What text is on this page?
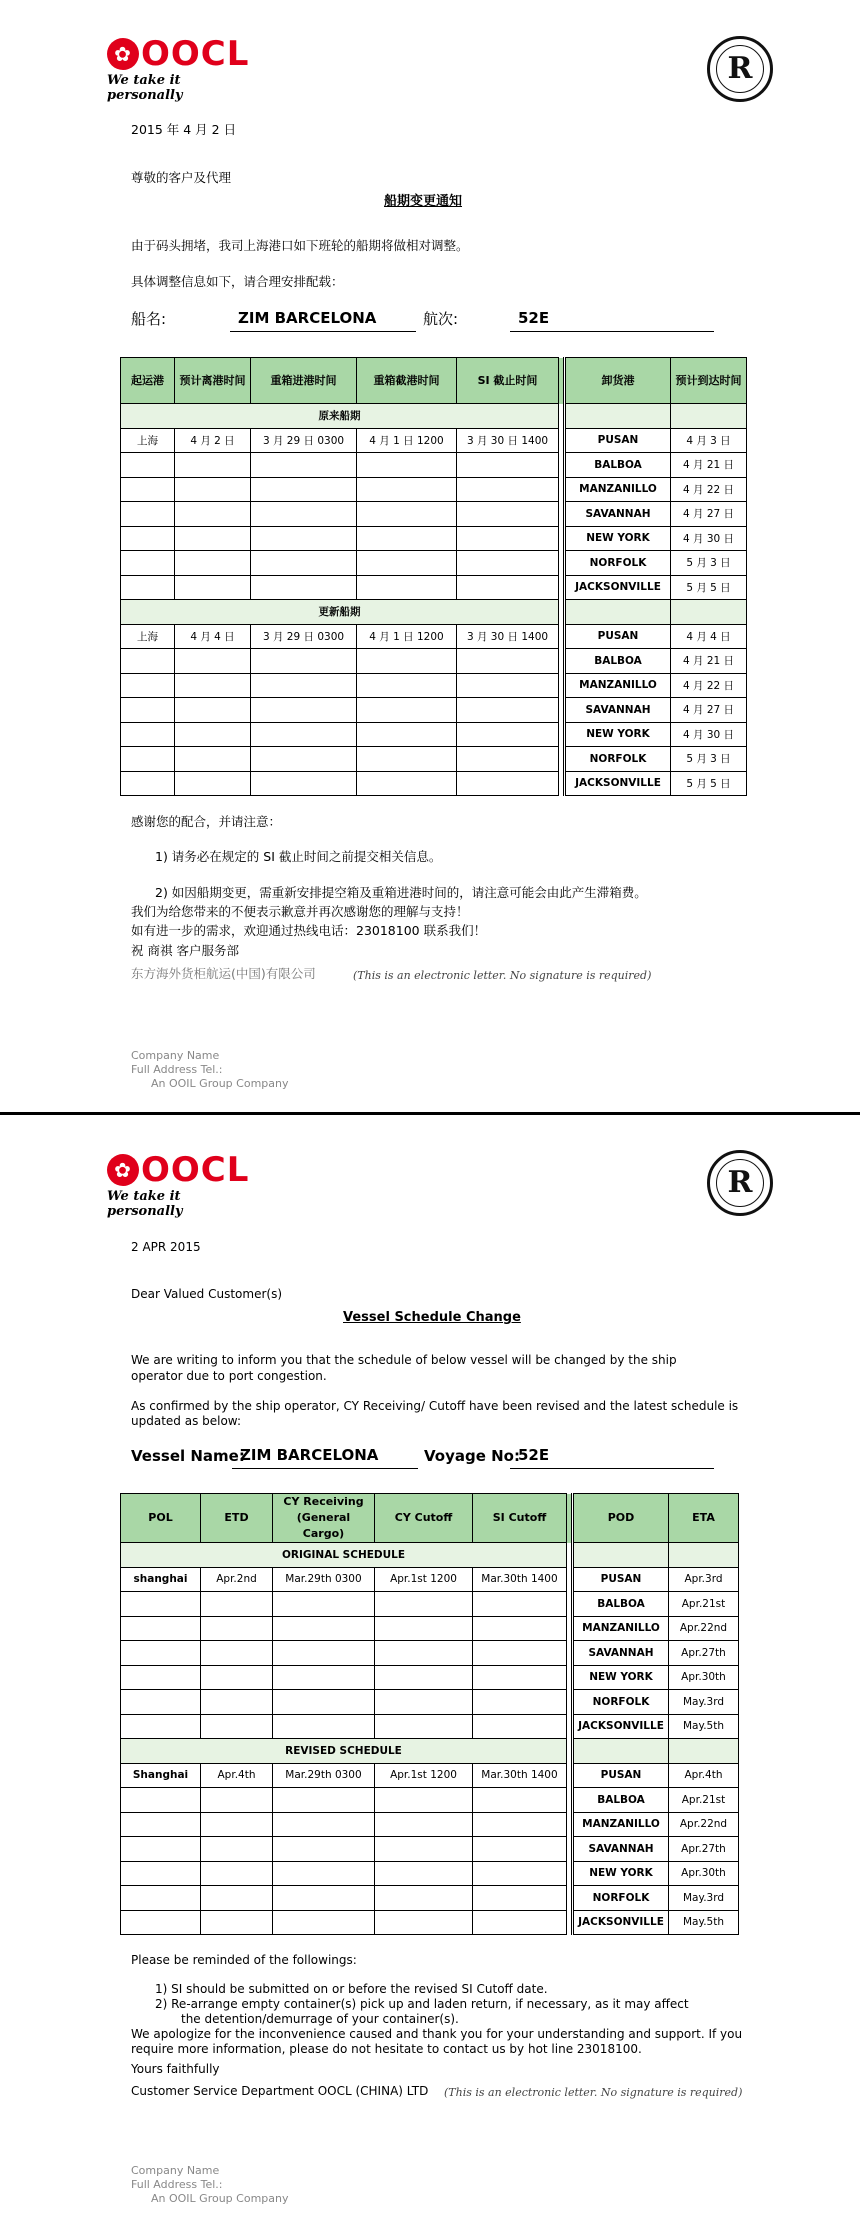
✿
OOCL
We take it personally
R
2015 年 4 月 2 日
尊敬的客户及代理
船期变更通知
由于码头拥堵，我司上海港口如下班轮的船期将做相对调整。
具体调整信息如下，请合理安排配载：
船名:	ZIM BARCELONA	航次:	52E
起运港	预计离港时间	重箱进港时间	重箱截港时间	SI 截止时间		卸货港	预计到达时间
原来船期							
上海	4 月 2 日	3 月 29 日 0300	4 月 1 日 1200	3 月 30 日 1400		PUSAN	4 月 3 日
						BALBOA	4 月 21 日
						MANZANILLO	4 月 22 日
						SAVANNAH	4 月 27 日
						NEW YORK	4 月 30 日
						NORFOLK	5 月 3 日
						JACKSONVILLE	5 月 5 日
更新船期							
上海	4 月 4 日	3 月 29 日 0300	4 月 1 日 1200	3 月 30 日 1400		PUSAN	4 月 4 日
						BALBOA	4 月 21 日
						MANZANILLO	4 月 22 日
						SAVANNAH	4 月 27 日
						NEW YORK	4 月 30 日
						NORFOLK	5 月 3 日
						JACKSONVILLE	5 月 5 日
感谢您的配合，并请注意：
1) 请务必在规定的 SI 截止时间之前提交相关信息。
2) 如因船期变更，需重新安排提空箱及重箱进港时间的，请注意可能会由此产生滞箱费。
我们为给您带来的不便表示歉意并再次感谢您的理解与支持！
如有进一步的需求，欢迎通过热线电话：23018100 联系我们！
祝 商祺 客户服务部
东方海外货柜航运(中国)有限公司	(This is an electronic letter. No signature is required)
Company Name
Full Address Tel.:
An OOIL Group Company
✿
OOCL
We take it personally
R
2 APR 2015
Dear Valued Customer(s)
Vessel Schedule Change
We are writing to inform you that the schedule of below vessel will be changed by the ship
operator due to port congestion.
As confirmed by the ship operator, CY Receiving/ Cutoff have been revised and the latest schedule is
updated as below:
Vessel Name:
ZIM BARCELONA	Voyage No:
52E
POL	ETD	CY Receiving (General Cargo)	CY Cutoff	SI Cutoff		POD	ETA
ORIGINAL SCHEDULE							
shanghai	Apr.2nd	Mar.29th 0300	Apr.1st 1200	Mar.30th 1400		PUSAN	Apr.3rd
						BALBOA	Apr.21st
						MANZANILLO	Apr.22nd
						SAVANNAH	Apr.27th
						NEW YORK	Apr.30th
						NORFOLK	May.3rd
						JACKSONVILLE	May.5th
REVISED SCHEDULE							
Shanghai	Apr.4th	Mar.29th 0300	Apr.1st 1200	Mar.30th 1400		PUSAN	Apr.4th
						BALBOA	Apr.21st
						MANZANILLO	Apr.22nd
						SAVANNAH	Apr.27th
						NEW YORK	Apr.30th
						NORFOLK	May.3rd
						JACKSONVILLE	May.5th
Please be reminded of the followings:
1) SI should be submitted on or before the revised SI Cutoff date.
2) Re-arrange empty container(s) pick up and laden return, if necessary, as it may affect
the detention/demurrage of your container(s).
We apologize for the inconvenience caused and thank you for your understanding and support. If you
require more information, please do not hesitate to contact us by hot line 23018100.
Yours faithfully
Customer Service Department OOCL (CHINA) LTD (This is an electronic letter. No signature is required)
Company Name
Full Address Tel.:
An OOIL Group Company
